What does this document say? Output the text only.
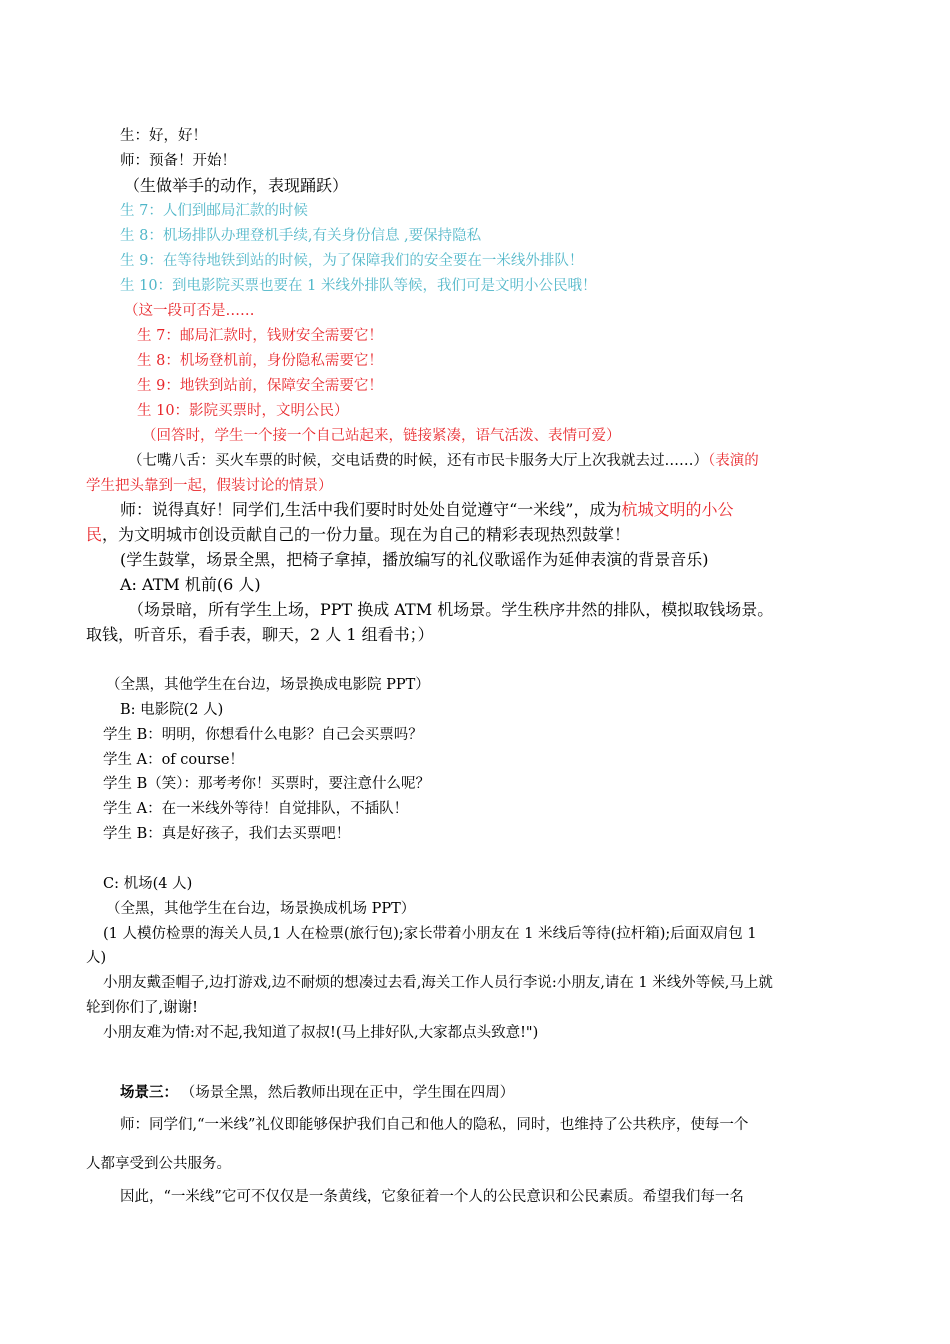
生：好，好！
师：预备！开始！
（生做举手的动作，表现踊跃）
生 7：人们到邮局汇款的时候
生 8：机场排队办理登机手续,有关身份信息 ,要保持隐私
生 9：在等待地铁到站的时候，为了保障我们的安全要在一米线外排队！
生 10：到电影院买票也要在 1 米线外排队等候，我们可是文明小公民哦！
（这一段可否是……
生 7：邮局汇款时，钱财安全需要它！
生 8：机场登机前，身份隐私需要它！
生 9：地铁到站前，保障安全需要它！
生 10：影院买票时，文明公民）
（回答时，学生一个接一个自己站起来，链接紧凑，语气活泼、表情可爱）
（七嘴八舌：买火车票的时候，交电话费的时候，还有市民卡服务大厅上次我就去过……）（表演的
学生把头靠到一起，假装讨论的情景）
师：说得真好！同学们,生活中我们要时时处处自觉遵守“一米线”，成为杭城文明的小公
民，为文明城市创设贡献自己的一份力量。现在为自己的精彩表现热烈鼓掌！
(学生鼓掌，场景全黑，把椅子拿掉，播放编写的礼仪歌谣作为延伸表演的背景音乐)
A: ATM 机前(6 人)
（场景暗，所有学生上场，PPT 换成 ATM 机场景。学生秩序井然的排队，模拟取钱场景。
取钱，听音乐，看手表，聊天，2 人 1 组看书；）
（全黑，其他学生在台边，场景换成电影院 PPT）
B: 电影院(2 人)
学生 B：明明，你想看什么电影？自己会买票吗？
学生 A：of course！
学生 B（笑）：那考考你！买票时，要注意什么呢？
学生 A：在一米线外等待！自觉排队，不插队！
学生 B：真是好孩子，我们去买票吧！
C: 机场(4 人)
（全黑，其他学生在台边，场景换成机场 PPT）
(1 人模仿检票的海关人员,1 人在检票(旅行包);家长带着小朋友在 1 米线后等待(拉杆箱);后面双肩包 1
人)
小朋友戴歪帽子,边打游戏,边不耐烦的想凑过去看,海关工作人员行李说:小朋友,请在 1 米线外等候,马上就
轮到你们了,谢谢!
小朋友难为情:对不起,我知道了叔叔!(马上排好队,大家都点头致意!")
场景三： （场景全黑，然后教师出现在正中，学生围在四周）
师：同学们,“一米线”礼仪即能够保护我们自己和他人的隐私，同时，也维持了公共秩序，使每一个
人都享受到公共服务。
因此，“一米线”它可不仅仅是一条黄线，它象征着一个人的公民意识和公民素质。希望我们每一名
